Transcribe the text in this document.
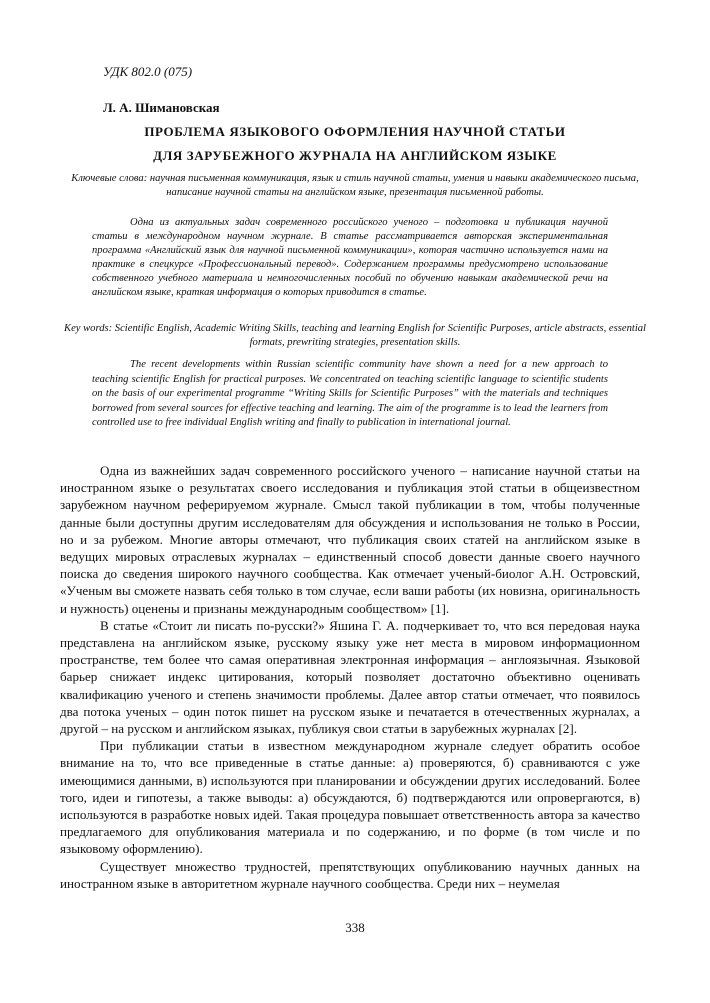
УДК 802.0 (075)

Л. А. Шимановская

ПРОБЛЕМА ЯЗЫКОВОГО ОФОРМЛЕНИЯ НАУЧНОЙ СТАТЬИ

ДЛЯ ЗАРУБЕЖНОГО ЖУРНАЛА НА АНГЛИЙСКОМ ЯЗЫКЕ

Ключевые слова: научная письменная коммуникация, язык и стиль научной статьи, умения и навыки академического письма, написание научной статьи на английском языке, презентация письменной работы.

Одна из актуальных задач современного российского ученого – подготовка и публикация научной статьи в международном научном журнале. В статье рассматривается авторская экспериментальная программа «Английский язык для научной письменной коммуникации», которая частично используется нами на практике в спецкурсе «Профессиональный перевод». Содержанием программы предусмотрено использование собственного учебного материала и немногочисленных пособий по обучению навыкам академической речи на английском языке, краткая информация о которых приводится в статье.

Key words: Scientific English, Academic Writing Skills, teaching and learning English for Scientific Purposes, article abstracts, essential formats, prewriting strategies, presentation skills.

The recent developments within Russian scientific community have shown a need for a new approach to teaching scientific English for practical purposes. We concentrated on teaching scientific language to scientific students on the basis of our experimental programme “Writing Skills for Scientific Purposes” with the materials and techniques borrowed from several sources for effective teaching and learning. The aim of the programme is to lead the learners from controlled use to free individual English writing and finally to publication in international journal.

Одна из важнейших задач современного российского ученого – написание научной статьи на иностранном языке о результатах своего исследования и публикация этой статьи в общеизвестном зарубежном научном реферируемом журнале. Смысл такой публикации в том, чтобы полученные данные были доступны другим исследователям для обсуждения и использования не только в России, но и за рубежом. Многие авторы отмечают, что публикация своих статей на английском языке в ведущих мировых отраслевых журналах – единственный способ довести данные своего научного поиска до сведения широкого научного сообщества. Как отмечает ученый-биолог А.Н. Островский, «Ученым вы сможете назвать себя только в том случае, если ваши работы (их новизна, оригинальность и нужность) оценены и признаны международным сообществом» [1].

В статье «Стоит ли писать по-русски?» Яшина Г. А. подчеркивает то, что вся передовая наука представлена на английском языке, русскому языку уже нет места в мировом информационном пространстве, тем более что самая оперативная электронная информация – англоязычная. Языковой барьер снижает индекс цитирования, который позволяет достаточно объективно оценивать квалификацию ученого и степень значимости проблемы. Далее автор статьи отмечает, что появилось два потока ученых – один поток пишет на русском языке и печатается в отечественных журналах, а другой – на русском и английском языках, публикуя свои статьи в зарубежных журналах [2].

При публикации статьи в известном международном журнале следует обратить особое внимание на то, что все приведенные в статье данные: а) проверяются, б) сравниваются с уже имеющимися данными, в) используются при планировании и обсуждении других исследований. Более того, идеи и гипотезы, а также выводы: а) обсуждаются, б) подтверждаются или опровергаются, в) используются в разработке новых идей. Такая процедура повышает ответственность автора за качество предлагаемого для опубликования материала и по содержанию, и по форме (в том числе и по языковому оформлению).

Существует множество трудностей, препятствующих опубликованию научных данных на иностранном языке в авторитетном журнале научного сообщества. Среди них – неумелая

338
